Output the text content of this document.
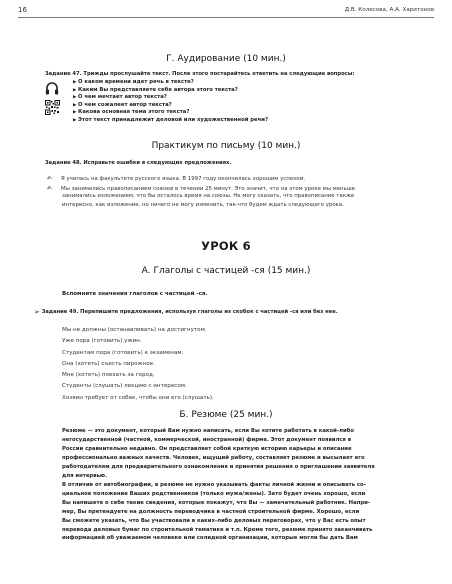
16	Д.В. Колесова, А.А. Харитонов
Г. Аудирование (10 мин.)
Задание 47. Трижды прослушайте текст. После этого постарайтесь ответить на следующие вопросы:
▶ О каком времени идет речь в тексте?
▶ Каким Вы представляете себе автора этого текста?
▶ О чем мечтает автор текста?
▶ О чем сожалеет автор текста?
▶ Какова основная тема этого текста?
▶ Этот текст принадлежит деловой или художественной речи?
Практикум по письму (10 мин.)
Задание 48. Исправьте ошибки в следующих предложениях.
✍ Я училась на факультете русского языка. В 1997 году окончилась хорошим успехом.
✍ Мы занимались правописанием союзов в течении 25 минут. Это значит, что на этом уроке мы меньше
занимались изложением, что бы осталось время на союзы. Не могу сказать, что правописание также
интересно, как изложение, но ничего не могу изменить, так-что будем ждать следующего урока.
УРОК 6
А. Глаголы с частицей -ся (15 мин.)
Вспомните значения глаголов с частицей -ся.
➢ Задание 49. Перепишите предложения, используя глаголы из скобок с частицей -ся или без нее.
Мы не должны (останавливать) на достигнутом.
Уже пора (готовить) ужин.
Студентам пора (готовить) к экзаменам.
Она (хотеть) съесть пирожное.
Мне (хотеть) поехать за город.
Студенты (слушать) лекцию с интересом.
Хозяин требует от собак, чтобы они его (слушать).
Б. Резюме (25 мин.)
Резюме — это документ, который Вам нужно написать, если Вы хотите работать в какой-либо
негосударственной (частной, коммерческой, иностранной) фирме. Этот документ появился в
России сравнительно недавно. Он представляет собой краткую историю карьеры и описание
профессионально важных качеств. Человек, ищущий работу, составляет резюме и высылает его
работодателям для предварительного ознакомления и принятия решения о приглашении заявителя
для интервью.
В отличие от автобиографии, в резюме не нужно указывать факты личной жизни и описывать со-
циальное положение Ваших родственников (только мужа/жены). Зато будет очень хорошо, если
Вы напишете о себе такие сведения, которые покажут, что Вы — замечательный работник. Напри-
мер, Вы претендуете на должность переводчика в частной строительной фирме. Хорошо, если
Вы сможете указать, что Вы участвовали в каких-либо деловых переговорах, что у Вас есть опыт
перевода деловых бумаг по строительной тематике и т.п. Кроме того, резюме принято заканчивать
информацией об уважаемом человеке или солидной организации, которые могли бы дать Вам
